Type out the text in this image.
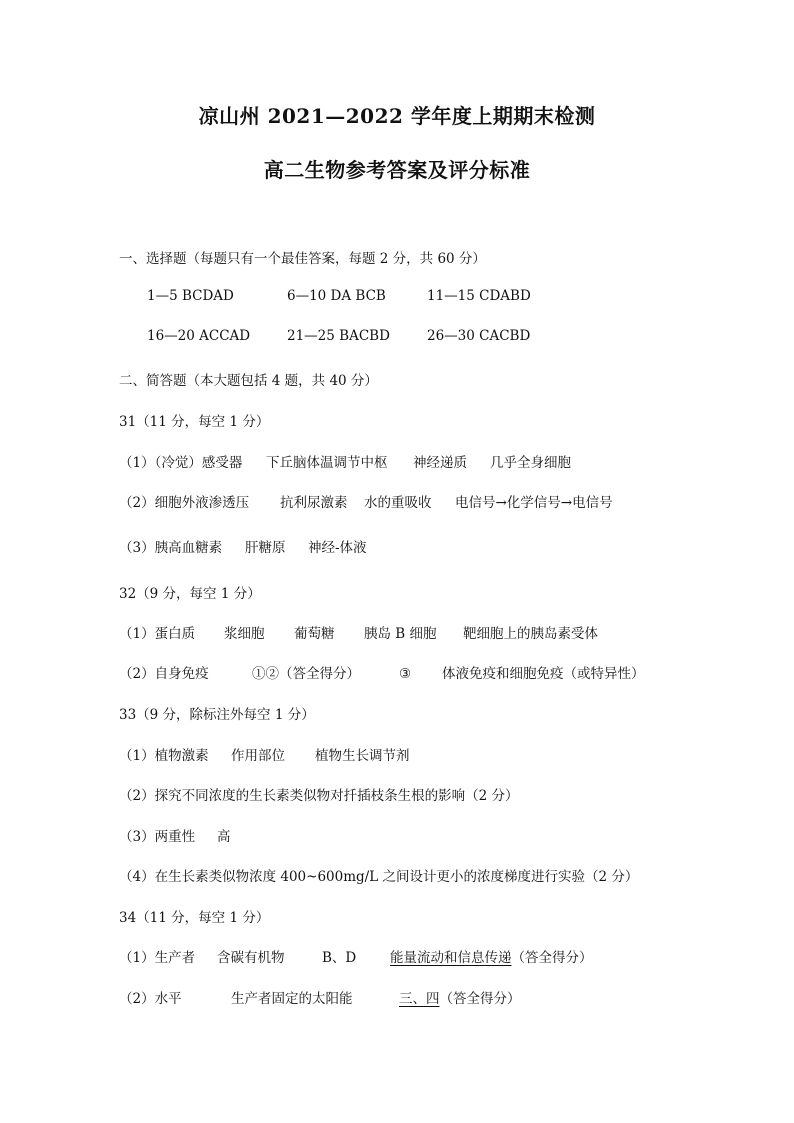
凉山州 2021—2022 学年度上期期末检测
高二生物参考答案及评分标准
一、选择题（每题只有一个最佳答案，每题 2 分，共 60 分）
1—5 BCDAD	6—10 DA BCB	11—15 CDABD
16—20 ACCAD	21—25 BACBD	26—30 CACBD
二、简答题（本大题包括 4 题，共 40 分）
31（11 分，每空 1 分）
（1）（冷觉）感受器 下丘脑体温调节中枢 神经递质 几乎全身细胞
（2）细胞外液渗透压 抗利尿激素 水的重吸收 电信号→化学信号→电信号
（3）胰高血糖素 肝糖原 神经-体液
32（9 分，每空 1 分）
（1）蛋白质 浆细胞 葡萄糖 胰岛 B 细胞 靶细胞上的胰岛素受体
（2）自身免疫	①②（答全得分）	③ 体液免疫和细胞免疫（或特异性）
33（9 分，除标注外每空 1 分）
（1）植物激素 作用部位 植物生长调节剂
（2）探究不同浓度的生长素类似物对扦插枝条生根的影响（2 分）
（3）两重性 高
（4）在生长素类似物浓度 400~600mg/L 之间设计更小的浓度梯度进行实验（2 分）
34（11 分，每空 1 分）
（1）生产者 含碳有机物	B、D	能量流动和信息传递（答全得分）
（2）水平	生产者固定的太阳能	三、四（答全得分）
